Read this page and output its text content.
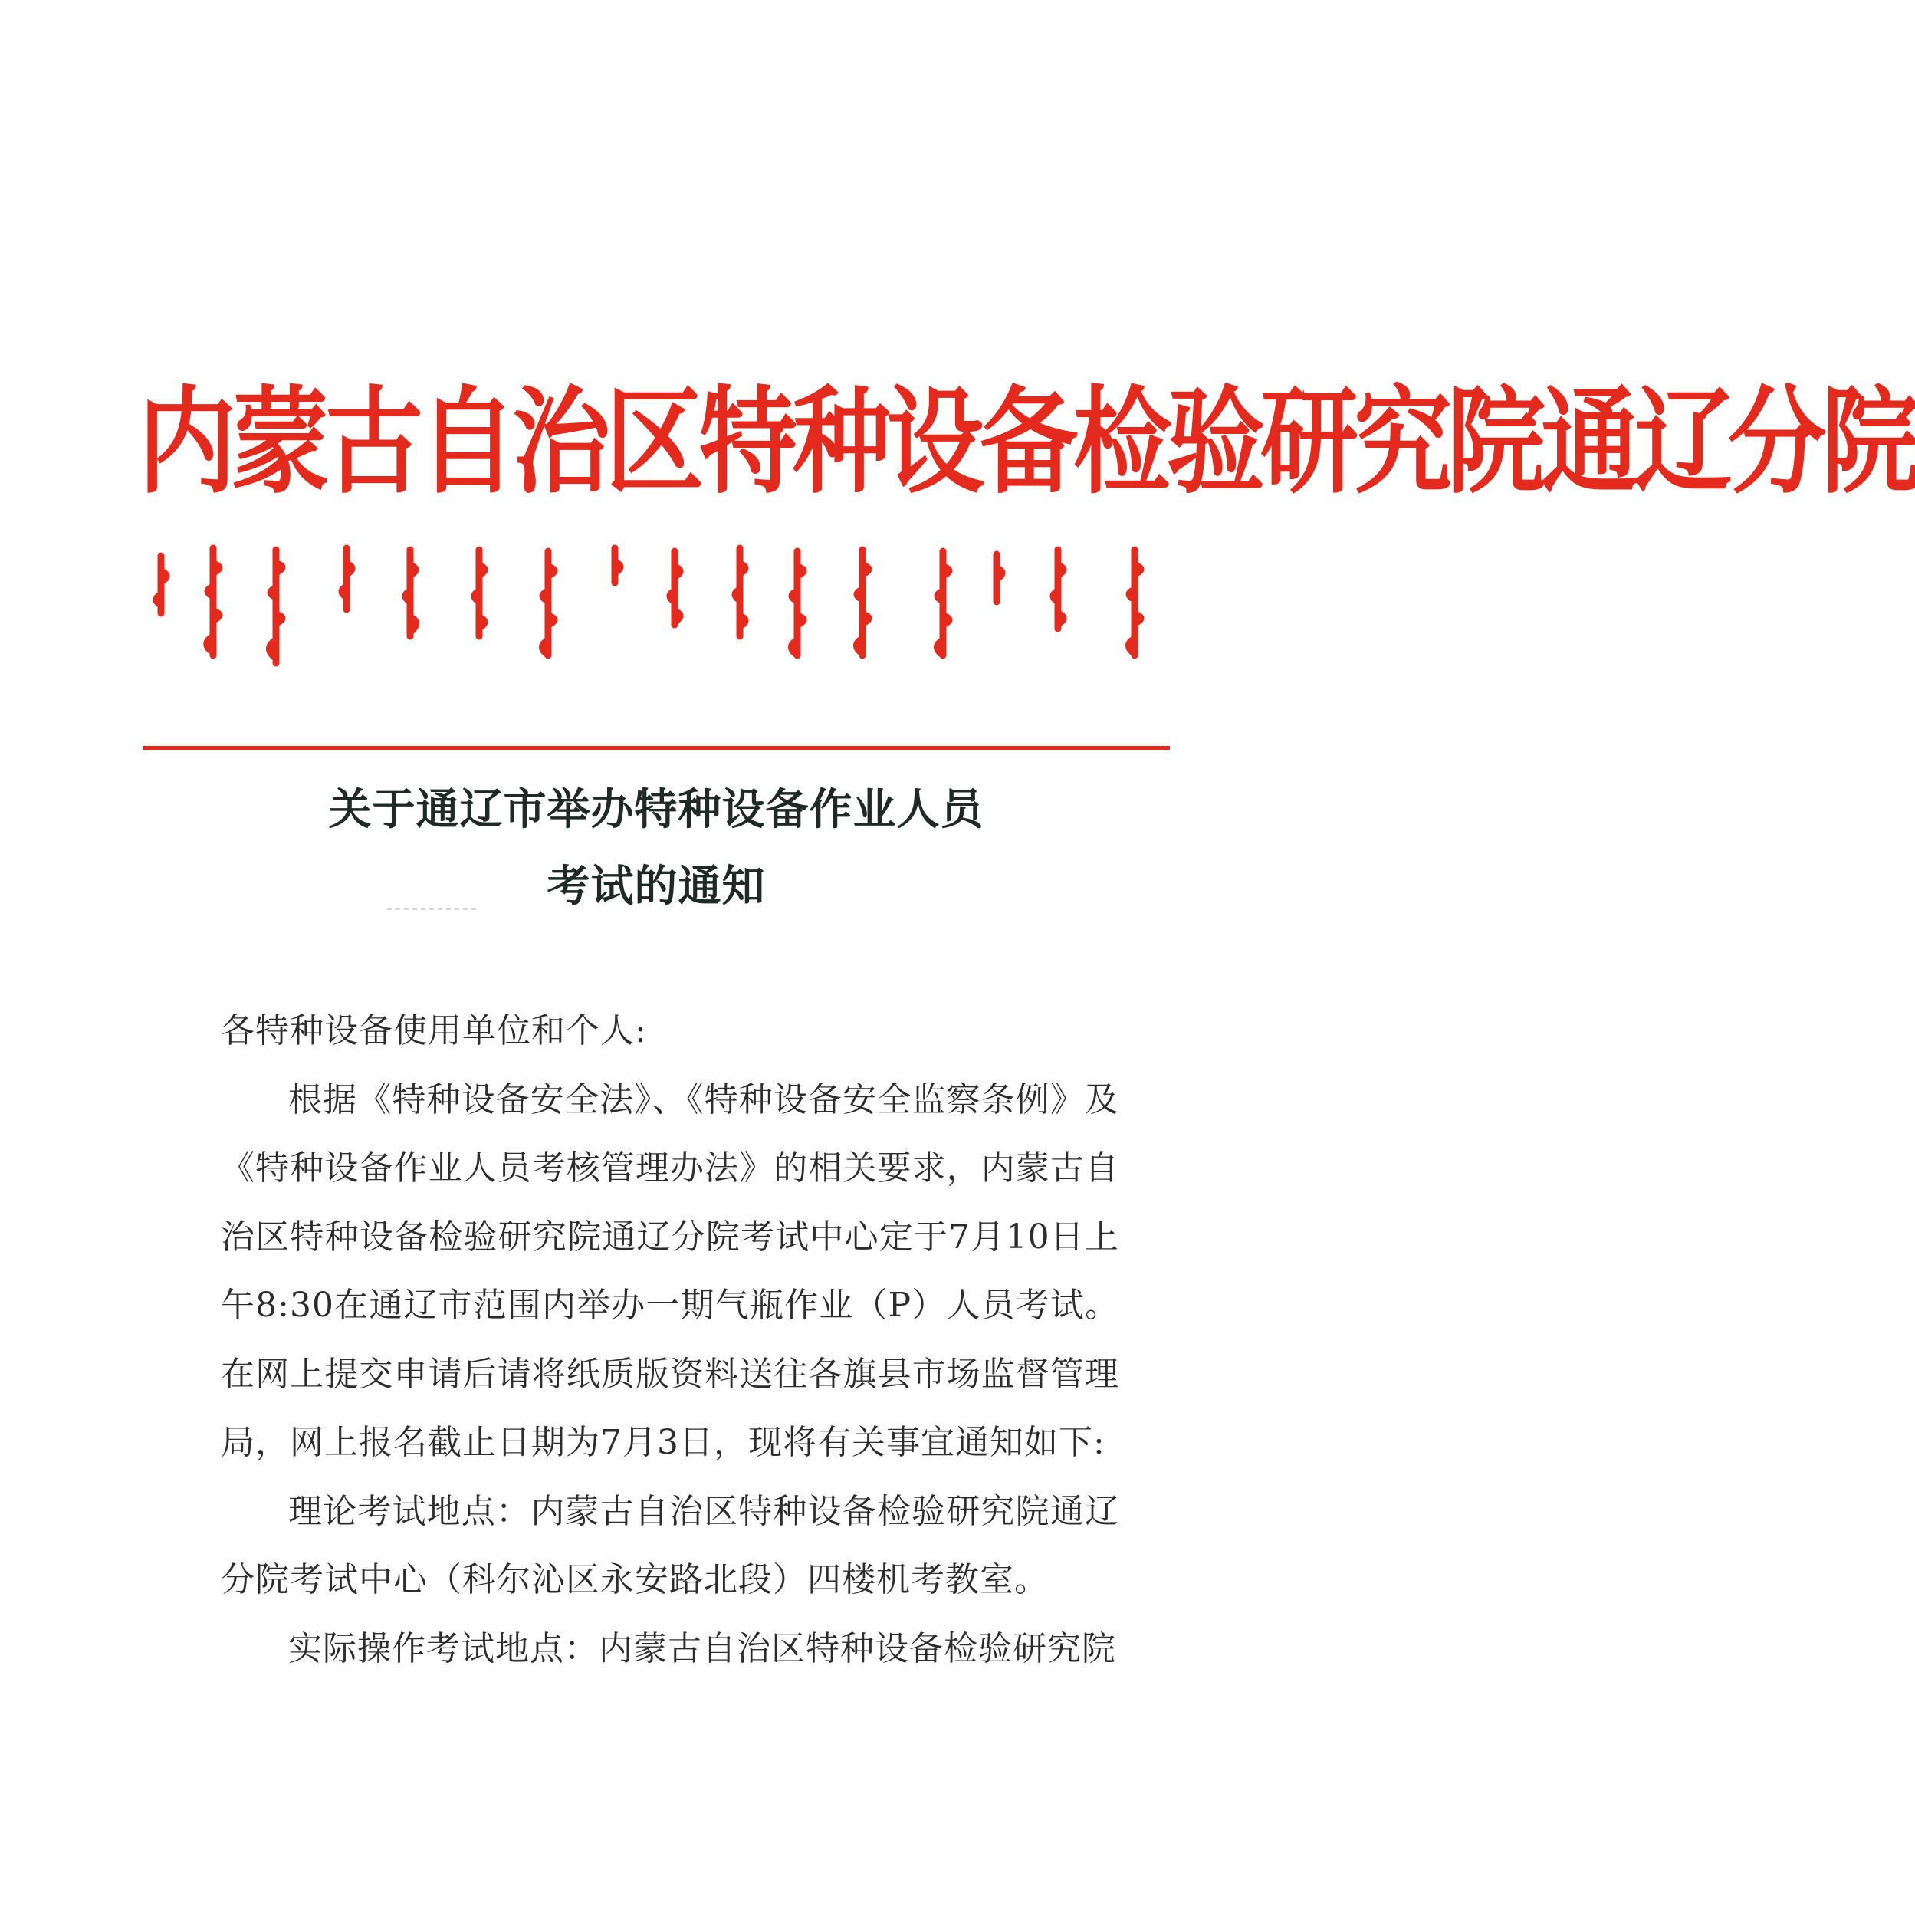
内蒙古自治区特种设备检验研究院通辽分院
关于通辽市举办特种设备作业人员
考试的通知

各特种设备使用单位和个人:

根据《特种设备安全法》、《特种设备安全监察条例》及《特种设备作业人员考核管理办法》的相关要求，内蒙古自治区特种设备检验研究院通辽分院考试中心定于7月10日上午8:30在通辽市范围内举办一期气瓶作业（P）人员考试。在网上提交申请后请将纸质版资料送往各旗县市场监督管理局，网上报名截止日期为7月3日，现将有关事宜通知如下:

理论考试地点：内蒙古自治区特种设备检验研究院通辽分院考试中心（科尔沁区永安路北段）四楼机考教室。

实际操作考试地点：内蒙古自治区特种设备检验研究院
